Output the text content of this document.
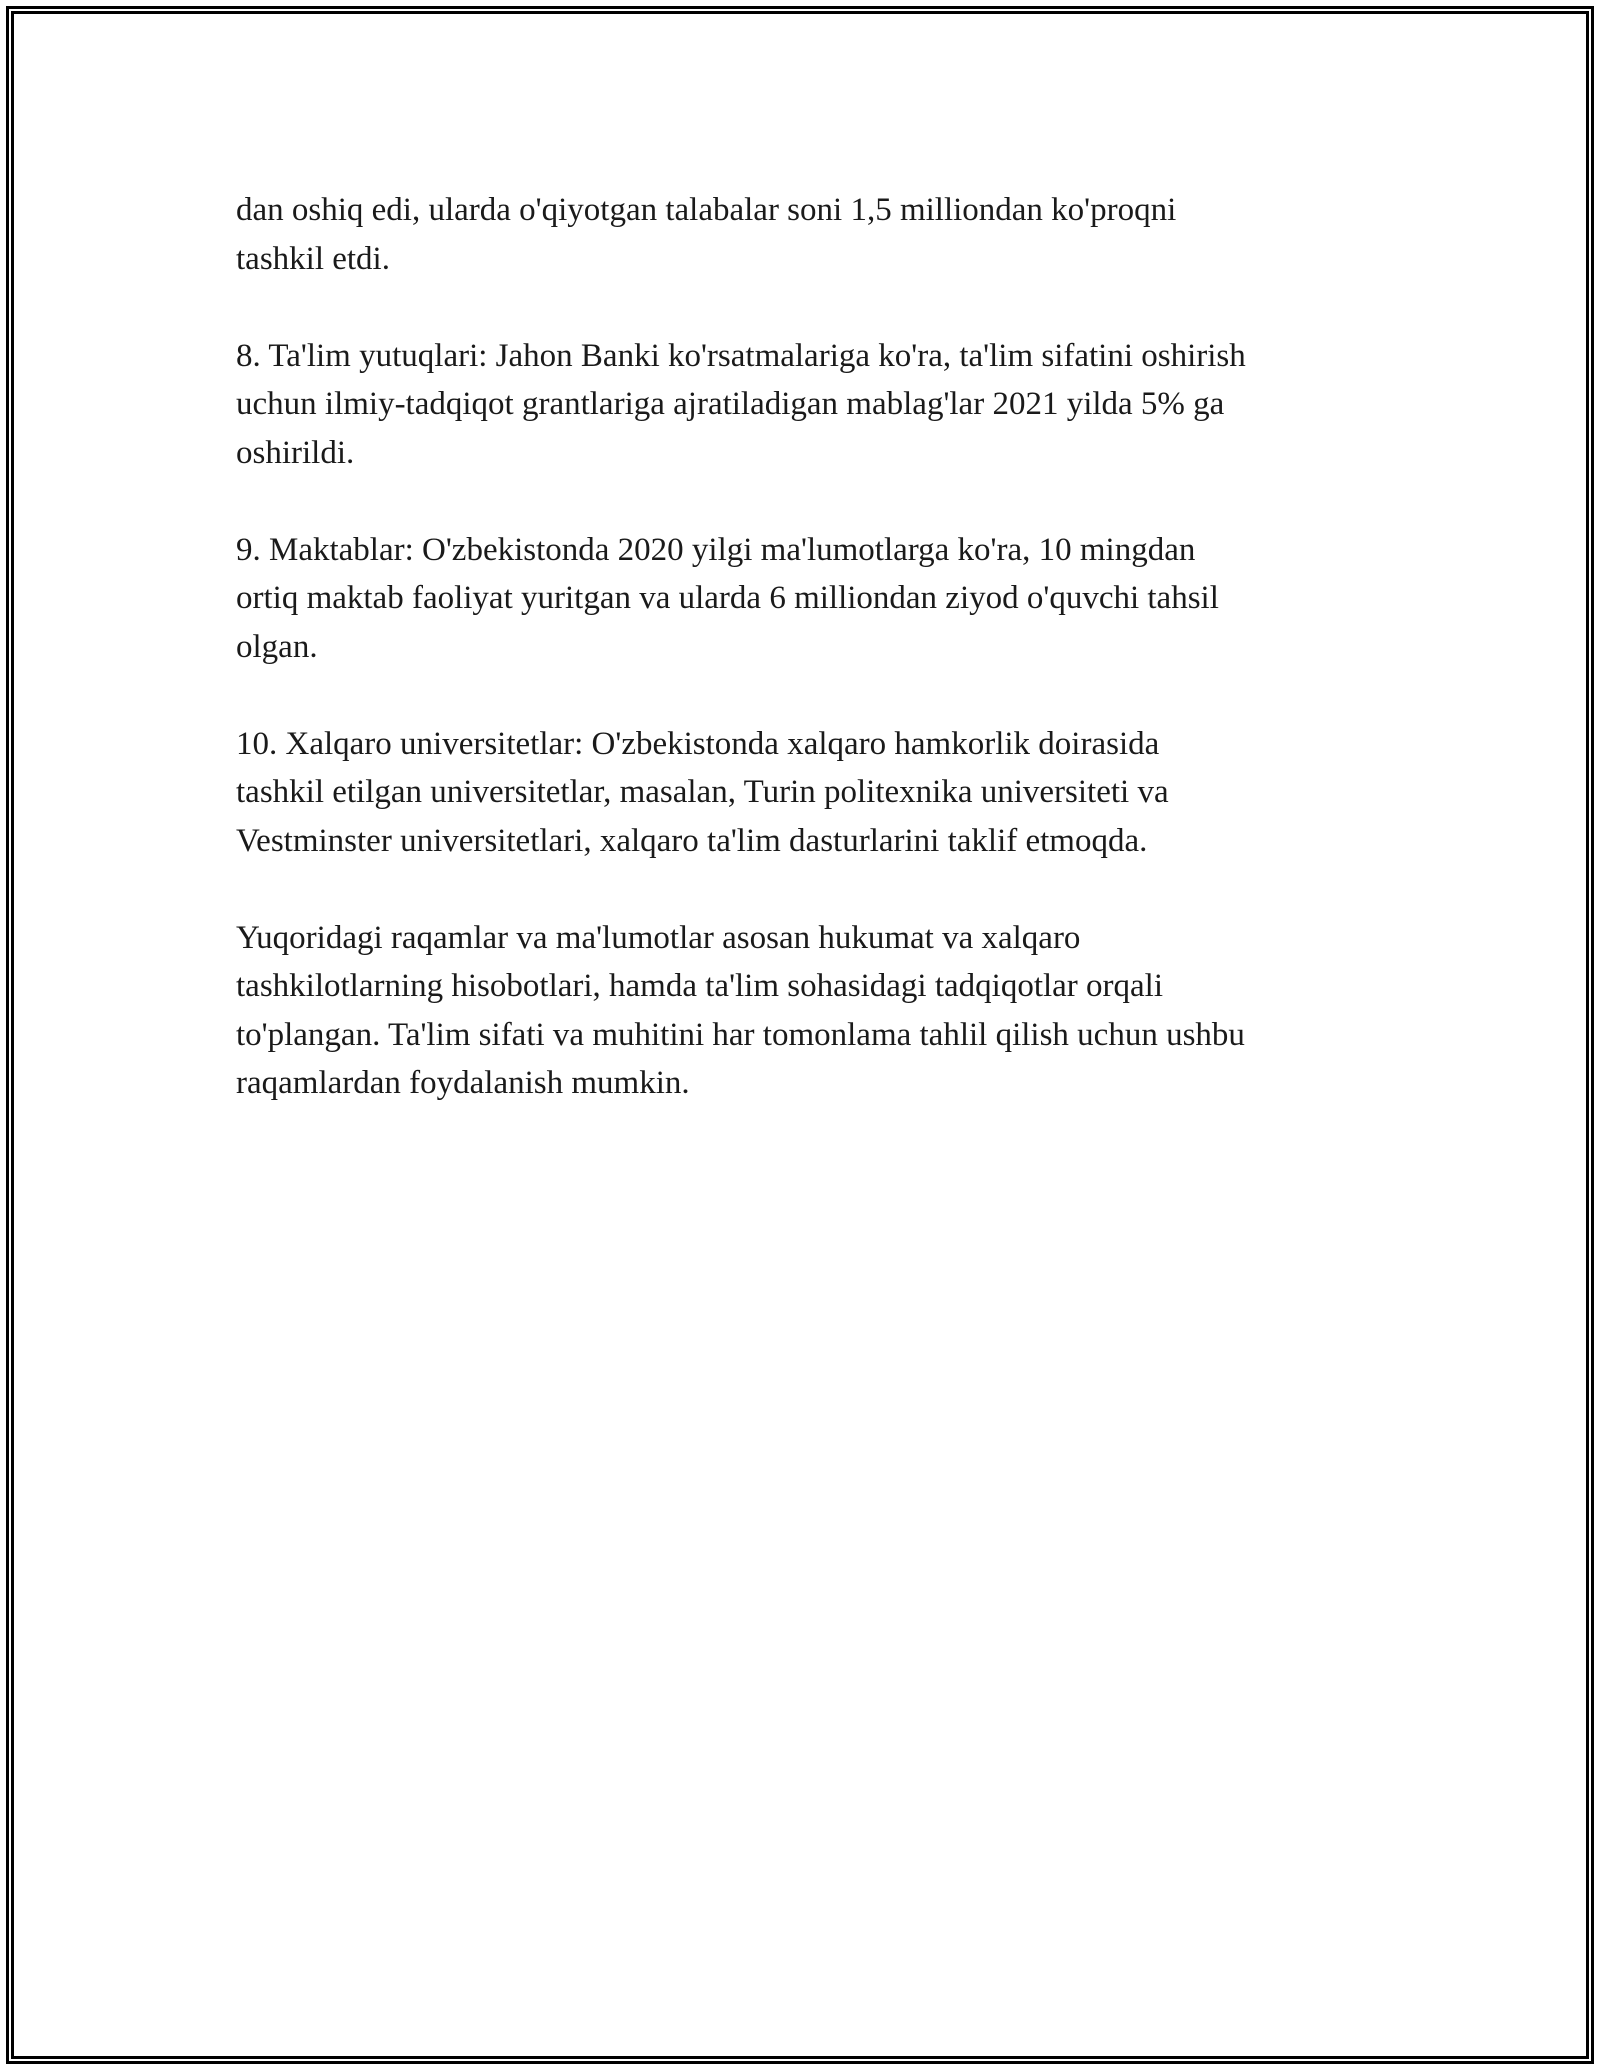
dan oshiq edi, ularda o'qiyotgan talabalar soni 1,5 milliondan ko'proqni
tashkil etdi.

8. Ta'lim yutuqlari: Jahon Banki ko'rsatmalariga ko'ra, ta'lim sifatini oshirish
uchun ilmiy-tadqiqot grantlariga ajratiladigan mablag'lar 2021 yilda 5% ga
oshirildi.

9. Maktablar: O'zbekistonda 2020 yilgi ma'lumotlarga ko'ra, 10 mingdan
ortiq maktab faoliyat yuritgan va ularda 6 milliondan ziyod o'quvchi tahsil
olgan.

10. Xalqaro universitetlar: O'zbekistonda xalqaro hamkorlik doirasida
tashkil etilgan universitetlar, masalan, Turin politexnika universiteti va
Vestminster universitetlari, xalqaro ta'lim dasturlarini taklif etmoqda.

Yuqoridagi raqamlar va ma'lumotlar asosan hukumat va xalqaro
tashkilotlarning hisobotlari, hamda ta'lim sohasidagi tadqiqotlar orqali
to'plangan. Ta'lim sifati va muhitini har tomonlama tahlil qilish uchun ushbu
raqamlardan foydalanish mumkin.
